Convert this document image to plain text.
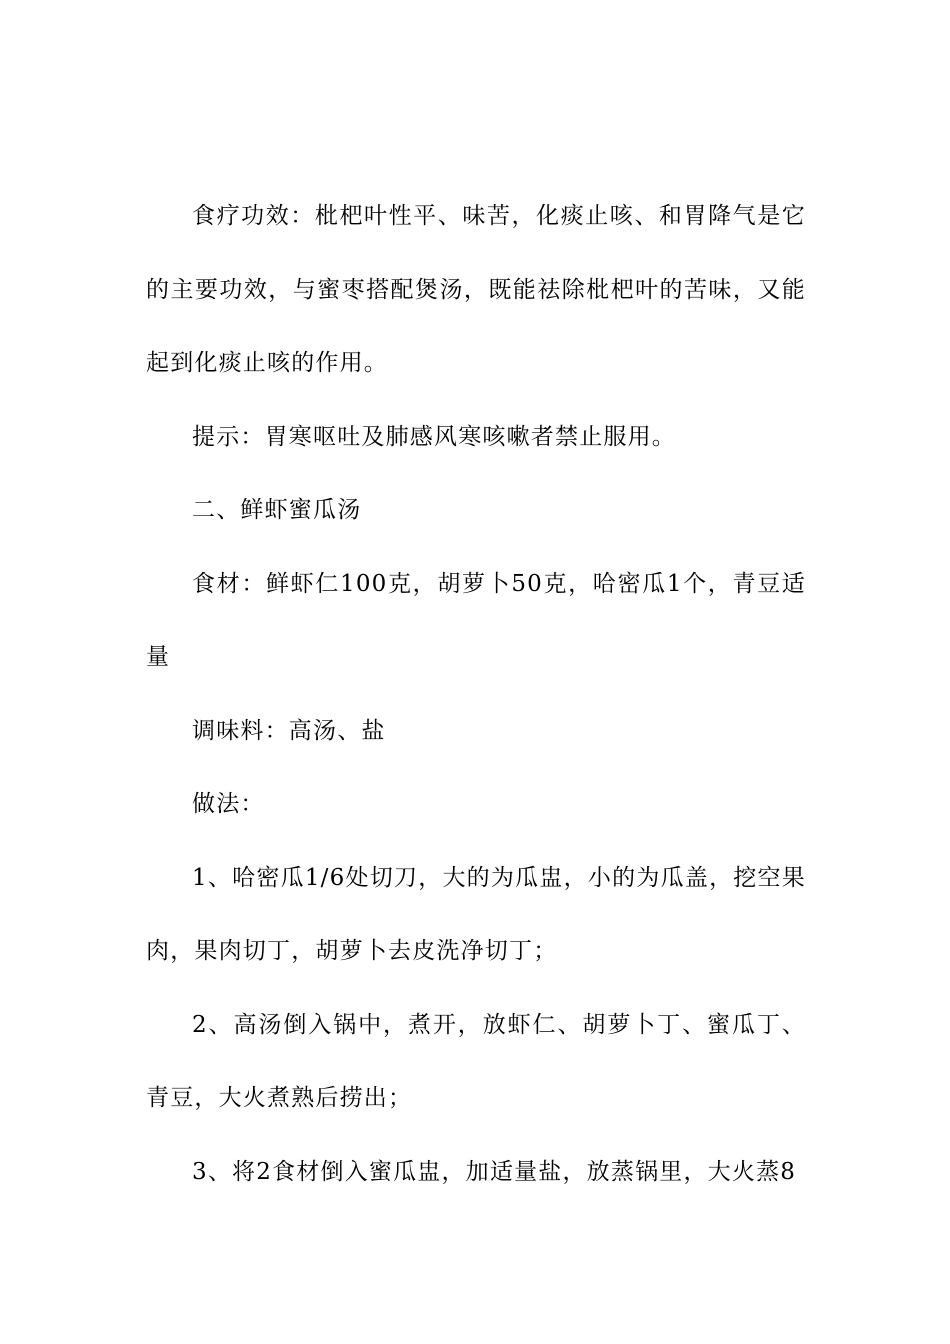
食疗功效：枇杷叶性平、味苦，化痰止咳、和胃降气是它的主要功效，与蜜枣搭配煲汤，既能祛除枇杷叶的苦味，又能起到化痰止咳的作用。

提示：胃寒呕吐及肺感风寒咳嗽者禁止服用。

二、鲜虾蜜瓜汤

食材：鲜虾仁100克，胡萝卜50克，哈密瓜1个，青豆适量

调味料：高汤、盐

做法：

1、哈密瓜1/6处切刀，大的为瓜盅，小的为瓜盖，挖空果肉，果肉切丁，胡萝卜去皮洗净切丁；

2、高汤倒入锅中，煮开，放虾仁、胡萝卜丁、蜜瓜丁、青豆，大火煮熟后捞出；

3、将2食材倒入蜜瓜盅，加适量盐，放蒸锅里，大火蒸8
